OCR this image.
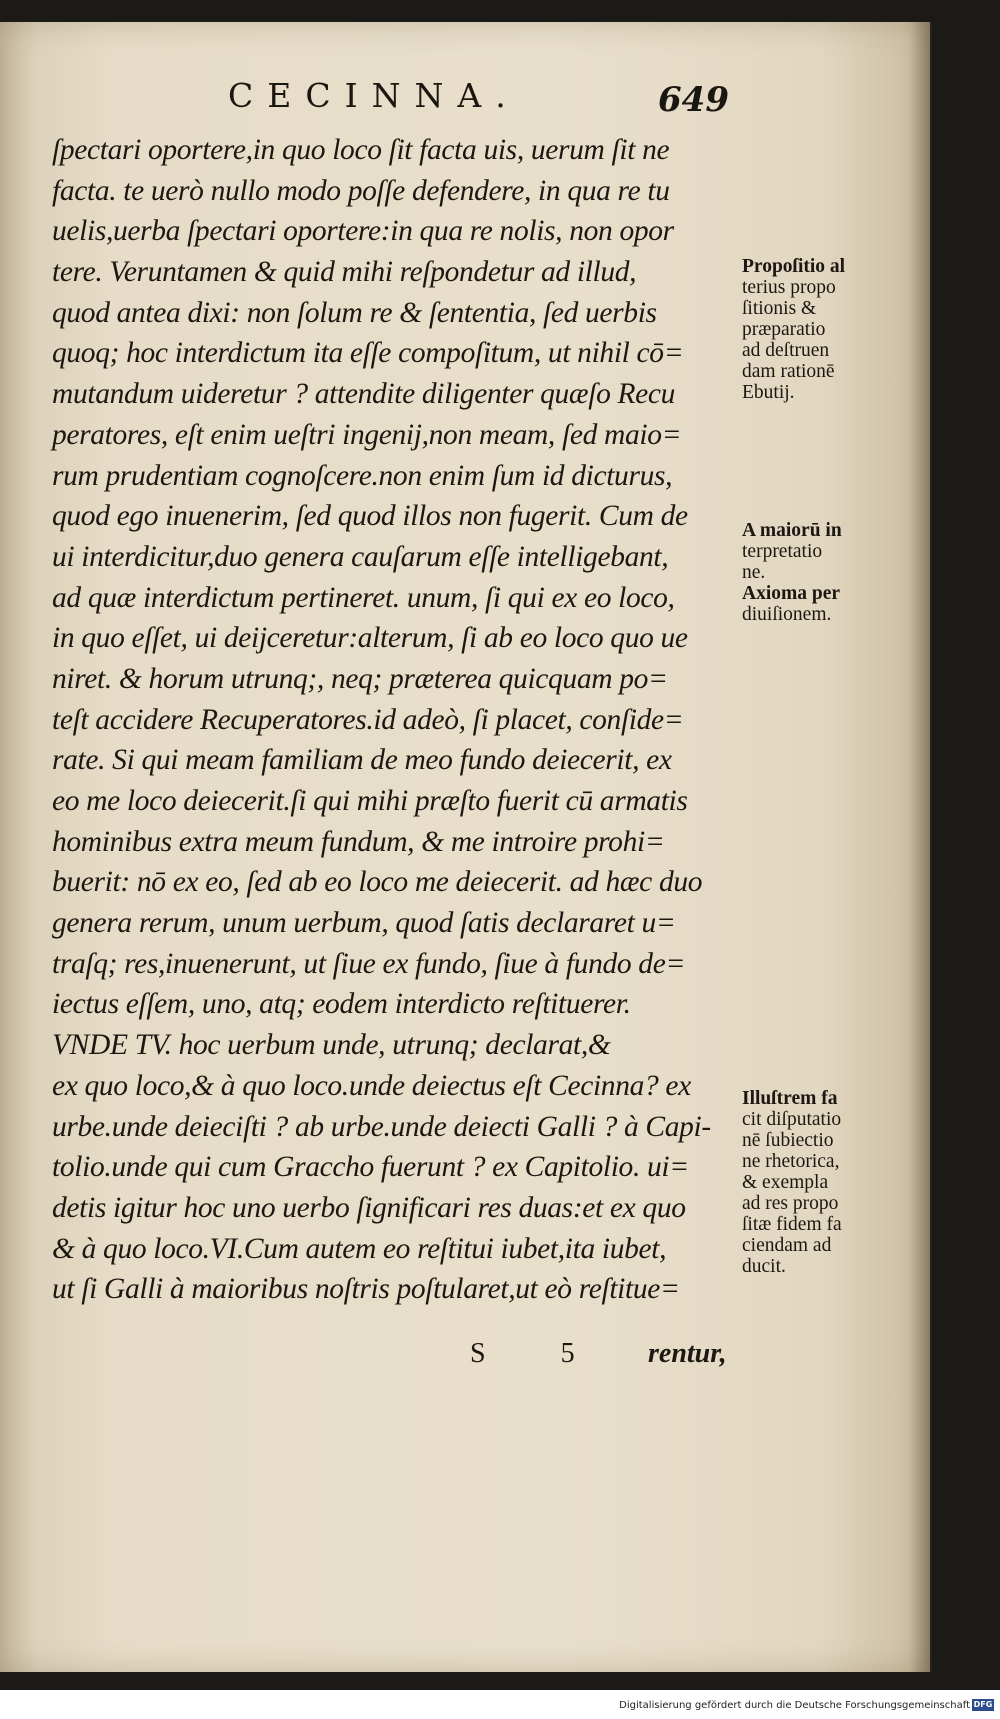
CECINNA.	649
ſpectari oportere,in quo loco ſit facta uis, uerum ſit ne
facta. te uerò nullo modo poſſe defendere, in qua re tu
uelis,uerba ſpectari oportere:in qua re nolis, non opor
tere. Veruntamen & quid mihi reſpondetur ad illud,
quod antea dixi: non ſolum re & ſententia, ſed uerbis
quoq; hoc interdictum ita eſſe compoſitum, ut nihil cō=
mutandum uideretur ? attendite diligenter quæſo Recu
peratores, eſt enim ueſtri ingenij,non meam, ſed maio=
rum prudentiam cognoſcere.non enim ſum id dicturus,
quod ego inuenerim, ſed quod illos non fugerit. Cum de
ui interdicitur,duo genera cauſarum eſſe intelligebant,
ad quæ interdictum pertineret. unum, ſi qui ex eo loco,
in quo eſſet, ui deijceretur:alterum, ſi ab eo loco quo ue
niret. & horum utrunq;, neq; præterea quicquam po=
teſt accidere Recuperatores.id adeò, ſi placet, conſide=
rate. Si qui meam familiam de meo fundo deiecerit, ex
eo me loco deiecerit.ſi qui mihi præſto fuerit cū armatis
hominibus extra meum fundum, & me introire prohi=
buerit: nō ex eo, ſed ab eo loco me deiecerit. ad hæc duo
genera rerum, unum uerbum, quod ſatis declararet u=
traſq; res,inuenerunt, ut ſiue ex fundo, ſiue à fundo de=
iectus eſſem, uno, atq; eodem interdicto reſtituerer.
VNDE TV. hoc uerbum unde, utrunq; declarat,&
ex quo loco,& à quo loco.unde deiectus eſt Cecinna? ex
urbe.unde deieciſti ? ab urbe.unde deiecti Galli ? à Capi-
tolio.unde qui cum Graccho fuerunt ? ex Capitolio. ui=
detis igitur hoc uno uerbo ſignificari res duas:et ex quo
& à quo loco.VI.Cum autem eo reſtitui iubet,ita iubet,
ut ſi Galli à maioribus noſtris poſtularet,ut eò reſtitue=
Propoſitio al
terius propo
ſitionis &
præparatio
ad deſtruen
dam rationē
Ebutij.
A maiorū in
terpretatio
ne.
Axioma per
diuiſionem.
Illuſtrem fa
cit diſputatio
nē ſubiectio
ne rhetorica,
& exempla
ad res propo
ſitæ fidem fa
ciendam ad
ducit.
S 5 rentur,
Digitalisierung gefördert durch die Deutsche Forschungsgemeinschaft DFG
